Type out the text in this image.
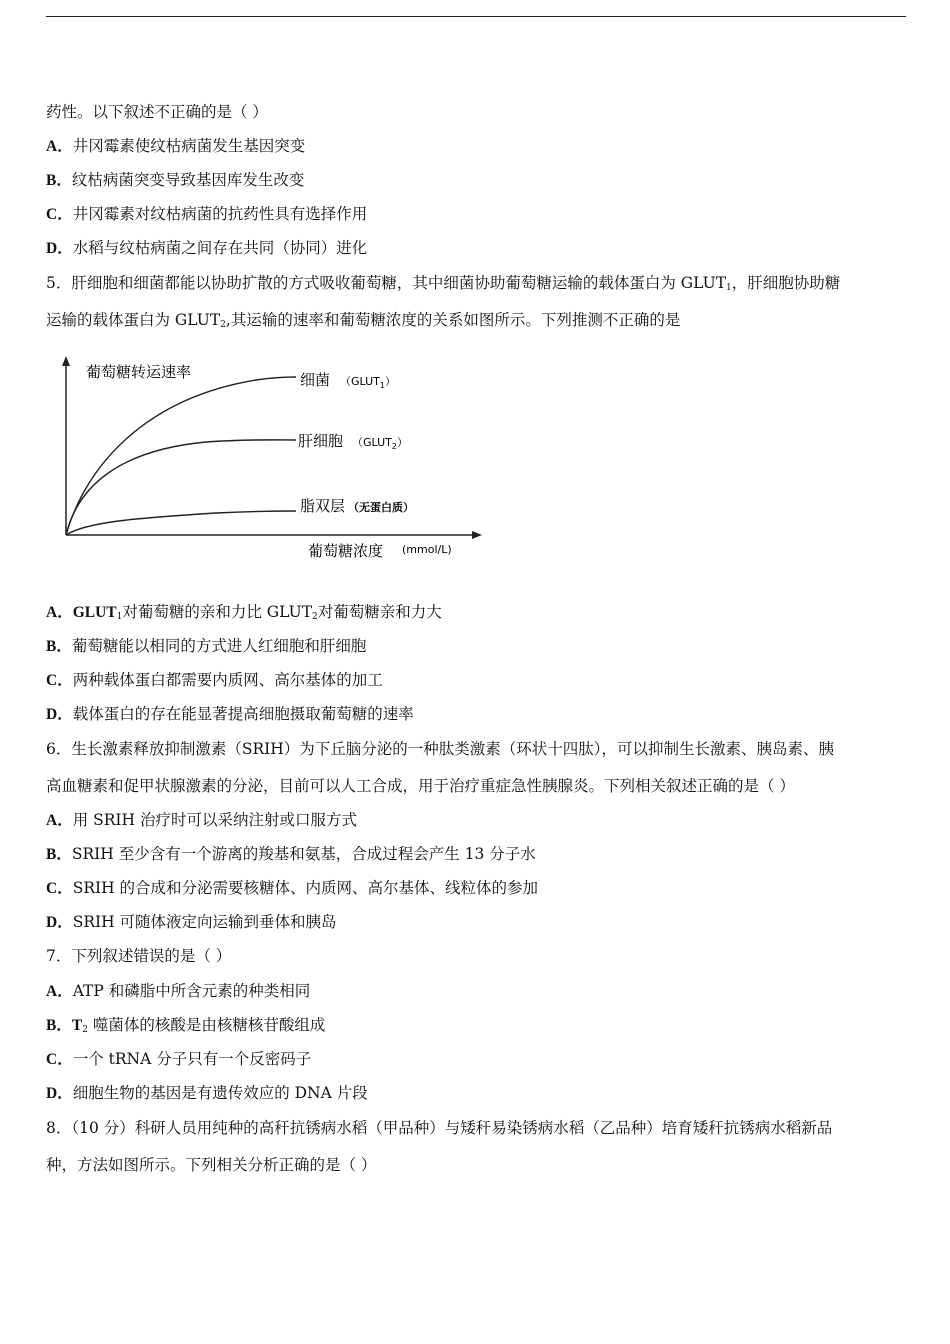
药性。以下叙述不正确的是（ ）
A．井冈霉素使纹枯病菌发生基因突变
B．纹枯病菌突变导致基因库发生改变
C．井冈霉素对纹枯病菌的抗药性具有选择作用
D．水稻与纹枯病菌之间存在共同（协同）进化
5．肝细胞和细菌都能以协助扩散的方式吸收葡萄糖，其中细菌协助葡萄糖运输的载体蛋白为 $GLUT_1$，肝细胞协助糖
运输的载体蛋白为 $GLUT_2$,其运输的速率和葡萄糖浓度的关系如图所示。下列推测不正确的是
葡萄糖转运速率	细菌 $(GLUT_1)$
肝细胞 $(GLUT_2)$
脂双层 （无蛋白质）
葡萄糖浓度 (mmol/L)
A．$GLUT_1$对葡萄糖的亲和力比 $GLUT_2$对葡萄糖亲和力大
B．葡萄糖能以相同的方式进人红细胞和肝细胞
C．两种载体蛋白都需要内质网、高尔基体的加工
D．载体蛋白的存在能显著提高细胞摄取葡萄糖的速率
6．生长激素释放抑制激素（SRIH）为下丘脑分泌的一种肽类激素（环状十四肽），可以抑制生长激素、胰岛素、胰
高血糖素和促甲状腺激素的分泌，目前可以人工合成，用于治疗重症急性胰腺炎。下列相关叙述正确的是（ ）
A．用 SRIH 治疗时可以采纳注射或口服方式
B．SRIH 至少含有一个游离的羧基和氨基，合成过程会产生 13 分子水
C．SRIH 的合成和分泌需要核糖体、内质网、高尔基体、线粒体的参加
D．SRIH 可随体液定向运输到垂体和胰岛
7．下列叙述错误的是（ ）
A．ATP 和磷脂中所含元素的种类相同
B．$T_2$ 噬菌体的核酸是由核糖核苷酸组成
C．一个 tRNA 分子只有一个反密码子
D．细胞生物的基因是有遗传效应的 DNA 片段
8．（10 分）科研人员用纯种的高秆抗锈病水稻（甲品种）与矮秆易染锈病水稻（乙品种）培育矮秆抗锈病水稻新品
种，方法如图所示。下列相关分析正确的是（ ）
